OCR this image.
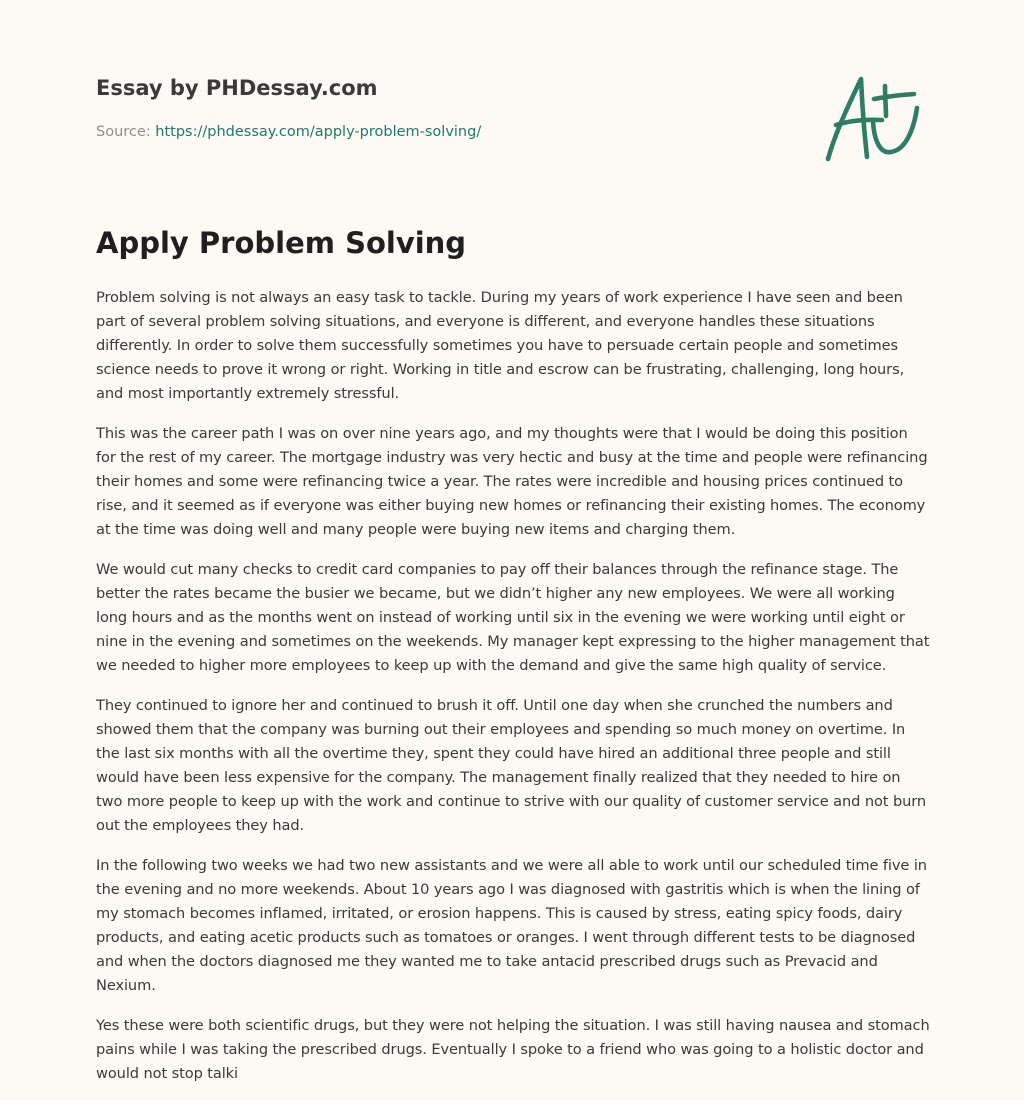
Essay by PHDessay.com
Source: https://phdessay.com/apply-problem-solving/
Apply Problem Solving

Problem solving is not always an easy task to tackle. During my years of work experience I have seen and been part of several problem solving situations, and everyone is different, and everyone handles these situations differently. In order to solve them successfully sometimes you have to persuade certain people and sometimes science needs to prove it wrong or right. Working in title and escrow can be frustrating, challenging, long hours, and most importantly extremely stressful.

This was the career path I was on over nine years ago, and my thoughts were that I would be doing this position for the rest of my career. The mortgage industry was very hectic and busy at the time and people were refinancing their homes and some were refinancing twice a year. The rates were incredible and housing prices continued to rise, and it seemed as if everyone was either buying new homes or refinancing their existing homes. The economy at the time was doing well and many people were buying new items and charging them.

We would cut many checks to credit card companies to pay off their balances through the refinance stage. The better the rates became the busier we became, but we didn’t higher any new employees. We were all working long hours and as the months went on instead of working until six in the evening we were working until eight or nine in the evening and sometimes on the weekends. My manager kept expressing to the higher management that we needed to higher more employees to keep up with the demand and give the same high quality of service.

They continued to ignore her and continued to brush it off. Until one day when she crunched the numbers and showed them that the company was burning out their employees and spending so much money on overtime. In the last six months with all the overtime they, spent they could have hired an additional three people and still would have been less expensive for the company. The management finally realized that they needed to hire on two more people to keep up with the work and continue to strive with our quality of customer service and not burn out the employees they had.

In the following two weeks we had two new assistants and we were all able to work until our scheduled time five in the evening and no more weekends. About 10 years ago I was diagnosed with gastritis which is when the lining of my stomach becomes inflamed, irritated, or erosion happens. This is caused by stress, eating spicy foods, dairy products, and eating acetic products such as tomatoes or oranges. I went through different tests to be diagnosed and when the doctors diagnosed me they wanted me to take antacid prescribed drugs such as Prevacid and Nexium.

Yes these were both scientific drugs, but they were not helping the situation. I was still having nausea and stomach pains while I was taking the prescribed drugs. Eventually I spoke to a friend who was going to a holistic doctor and would not stop talki
